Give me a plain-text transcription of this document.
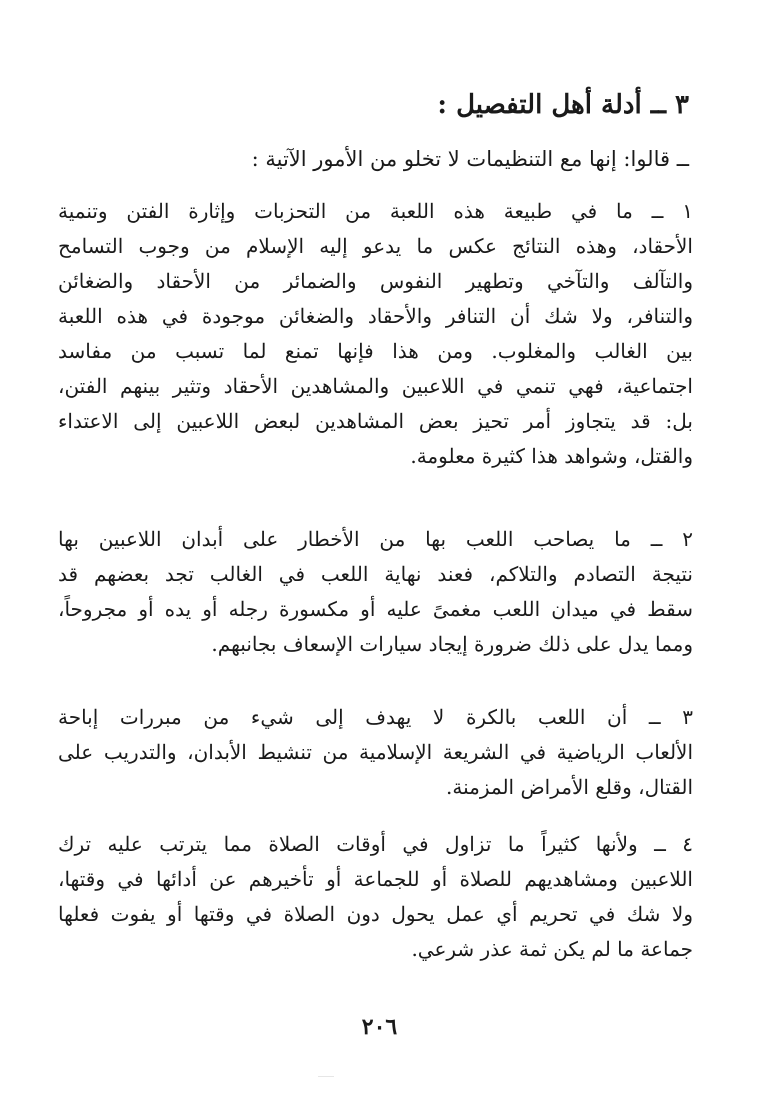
٣ ــ أدلة أهل التفصيل :

ــ قالوا: إنها مع التنظيمات لا تخلو من الأمور الآتية :

١ ــ ما في طبيعة هذه اللعبة من التحزبات وإثارة الفتن وتنمية
الأحقاد، وهذه النتائج عكس ما يدعو إليه الإسلام من وجوب التسامح
والتآلف والتآخي وتطهير النفوس والضمائر من الأحقاد والضغائن
والتنافر، ولا شك أن التنافر والأحقاد والضغائن موجودة في هذه اللعبة
بين الغالب والمغلوب. ومن هذا فإنها تمنع لما تسبب من مفاسد
اجتماعية، فهي تنمي في اللاعبين والمشاهدين الأحقاد وتثير بينهم الفتن،
بل: قد يتجاوز أمر تحيز بعض المشاهدين لبعض اللاعبين إلى الاعتداء
والقتل، وشواهد هذا كثيرة معلومة.
٢ ــ ما يصاحب اللعب بها من الأخطار على أبدان اللاعبين بها
نتيجة التصادم والتلاكم، فعند نهاية اللعب في الغالب تجد بعضهم قد
سقط في ميدان اللعب مغمىً عليه أو مكسورة رجله أو يده أو مجروحاً،
ومما يدل على ذلك ضرورة إيجاد سيارات الإسعاف بجانبهم.
٣ ــ أن اللعب بالكرة لا يهدف إلى شيء من مبررات إباحة
الألعاب الرياضية في الشريعة الإسلامية من تنشيط الأبدان، والتدريب على
القتال، وقلع الأمراض المزمنة.
٤ ــ ولأنها كثيراً ما تزاول في أوقات الصلاة مما يترتب عليه ترك
اللاعبين ومشاهديهم للصلاة أو للجماعة أو تأخيرهم عن أدائها في وقتها،
ولا شك في تحريم أي عمل يحول دون الصلاة في وقتها أو يفوت فعلها
جماعة ما لم يكن ثمة عذر شرعي.
٢٠٦
